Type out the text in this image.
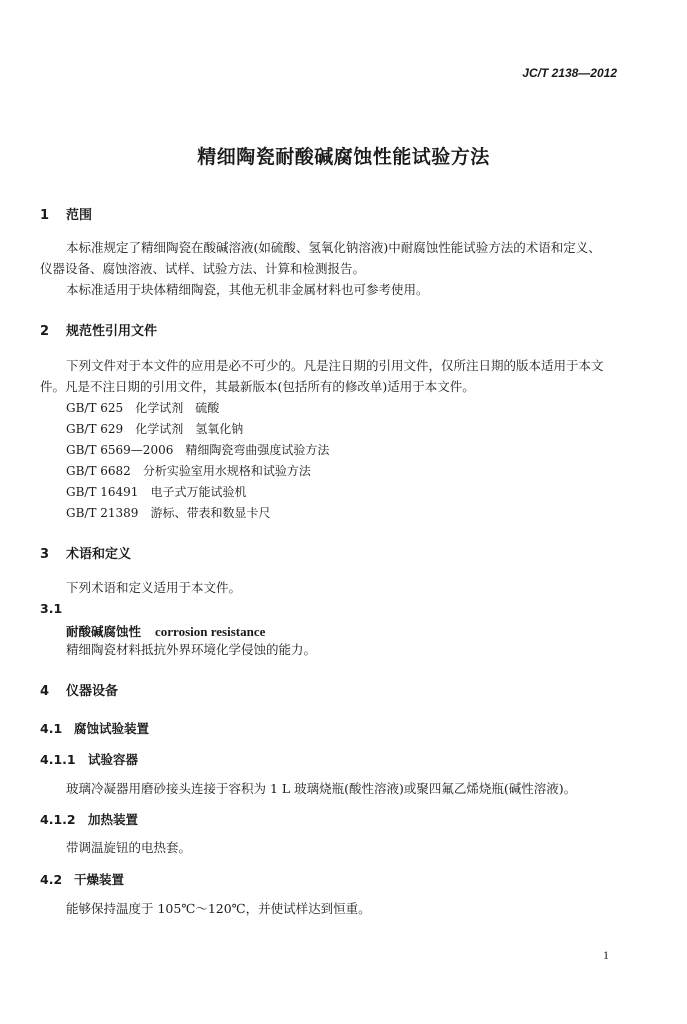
JC/T 2138—2012
精细陶瓷耐酸碱腐蚀性能试验方法
1 范围
本标准规定了精细陶瓷在酸碱溶液(如硫酸、氢氧化钠溶液)中耐腐蚀性能试验方法的术语和定义、
仪器设备、腐蚀溶液、试样、试验方法、计算和检测报告。
本标准适用于块体精细陶瓷，其他无机非金属材料也可参考使用。
2 规范性引用文件
下列文件对于本文件的应用是必不可少的。凡是注日期的引用文件，仅所注日期的版本适用于本文
件。凡是不注日期的引用文件，其最新版本(包括所有的修改单)适用于本文件。
GB/T 625　 化学试剂　硫酸
GB/T 629　 化学试剂　氢氧化钠
GB/T 6569—2006　 精细陶瓷弯曲强度试验方法
GB/T 6682　 分析实验室用水规格和试验方法
GB/T 16491　 电子式万能试验机
GB/T 21389　 游标、带表和数显卡尺
3 术语和定义
下列术语和定义适用于本文件。
3.1
耐酸碱腐蚀性 corrosion resistance
精细陶瓷材料抵抗外界环境化学侵蚀的能力。
4 仪器设备
4.1 腐蚀试验装置
4.1.1 试验容器
玻璃冷凝器用磨砂接头连接于容积为 1 L 玻璃烧瓶(酸性溶液)或聚四氟乙烯烧瓶(碱性溶液)。
4.1.2 加热装置
带调温旋钮的电热套。
4.2 干燥装置
能够保持温度于 105℃～120℃，并使试样达到恒重。
1
